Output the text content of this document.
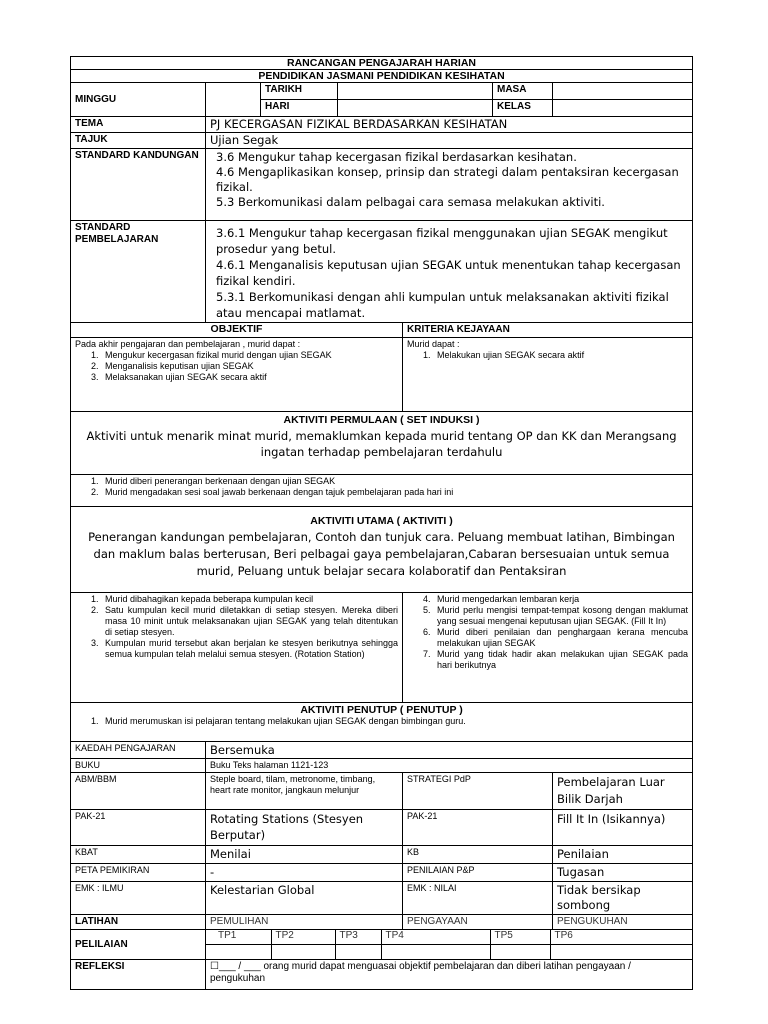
RANCANGAN PENGAJARAH HARIAN
PENDIDIKAN JASMANI PENDIDIKAN KESIHATAN
MINGGU		TARIKH		MASA	
HARI		KELAS	
TEMA	PJ KECERGASAN FIZIKAL BERDASARKAN KESIHATAN
TAJUK	Ujian Segak
STANDARD KANDUNGAN	3.6 Mengukur tahap kecergasan fizikal berdasarkan kesihatan.
4.6 Mengaplikasikan konsep, prinsip dan strategi dalam pentaksiran kecergasan fizikal.
5.3 Berkomunikasi dalam pelbagai cara semasa melakukan aktiviti.

STANDARD PEMBELAJARAN	3.6.1 Mengukur tahap kecergasan fizikal menggunakan ujian SEGAK mengikut prosedur yang betul.
4.6.1 Menganalisis keputusan ujian SEGAK untuk menentukan tahap kecergasan fizikal kendiri.
5.3.1 Berkomunikasi dengan ahli kumpulan untuk melaksanakan aktiviti fizikal atau mencapai matlamat.

OBJEKTIF	KRITERIA KEJAYAAN

Pada akhir pengajaran dan pembelajaran , murid dapat :
1. Mengukur kecergasan fizikal murid dengan ujian SEGAK
2. Menganalisis keputisan ujian SEGAK
3. Melaksanakan ujian SEGAK secara aktif

Murid dapat :
1. Melakukan ujian SEGAK secara aktif

AKTIVITI PERMULAAN ( SET INDUKSI )
Aktiviti untuk menarik minat murid, memaklumkan kepada murid tentang OP dan KK dan Merangsang ingatan terhadap pembelajaran terdahulu

1. Murid diberi penerangan berkenaan dengan ujian SEGAK
2. Murid mengadakan sesi soal jawab berkenaan dengan tajuk pembelajaran pada hari ini

AKTIVITI UTAMA ( AKTIVITI )
Penerangan kandungan pembelajaran, Contoh dan tunjuk cara. Peluang membuat latihan, Bimbingan dan maklum balas berterusan, Beri pelbagai gaya pembelajaran,Cabaran bersesuaian untuk semua murid, Peluang untuk belajar secara kolaboratif dan Pentaksiran

1. Murid dibahagikan kepada beberapa kumpulan kecil
2. Satu kumpulan kecil murid diletakkan di setiap stesyen. Mereka diberi masa 10 minit untuk melaksanakan ujian SEGAK yang telah ditentukan di setiap stesyen.
3. Kumpulan murid tersebut akan berjalan ke stesyen berikutnya sehingga semua kumpulan telah melalui semua stesyen. (Rotation Station)

4. Murid mengedarkan lembaran kerja
5. Murid perlu mengisi tempat-tempat kosong dengan maklumat yang sesuai mengenai keputusan ujian SEGAK. (Fill It In)
6. Murid diberi penilaian dan penghargaan kerana mencuba melakukan ujian SEGAK
7. Murid yang tidak hadir akan melakukan ujian SEGAK pada hari berikutnya

AKTIVITI PENUTUP ( PENUTUP )
1. Murid merumuskan isi pelajaran tentang melakukan ujian SEGAK dengan bimbingan guru.

KAEDAH PENGAJARAN	Bersemuka
BUKU	Buku Teks halaman 1121-123
ABM/BBM	Steple board, tilam, metronome, timbang, heart rate monitor, jangkaun melunjur	STRATEGI PdP	Pembelajaran Luar Bilik Darjah
PAK-21	Rotating Stations (Stesyen Berputar)	PAK-21	Fill It In (Isikannya)
KBAT	Menilai	KB	Penilaian
PETA PEMIKIRAN	-	PENILAIAN P&P	Tugasan
EMK : ILMU	Kelestarian Global	EMK : NILAI	Tidak bersikap sombong
LATIHAN	PEMULIHAN	PENGAYAAN	PENGUKUHAN
PELILAIAN	
TP1	TP2	TP3	TP4	TP5	TP6

REFLEKSI	☐___ / ___ orang murid dapat menguasai objektif pembelajaran dan diberi latihan pengayaan / pengukuhan
